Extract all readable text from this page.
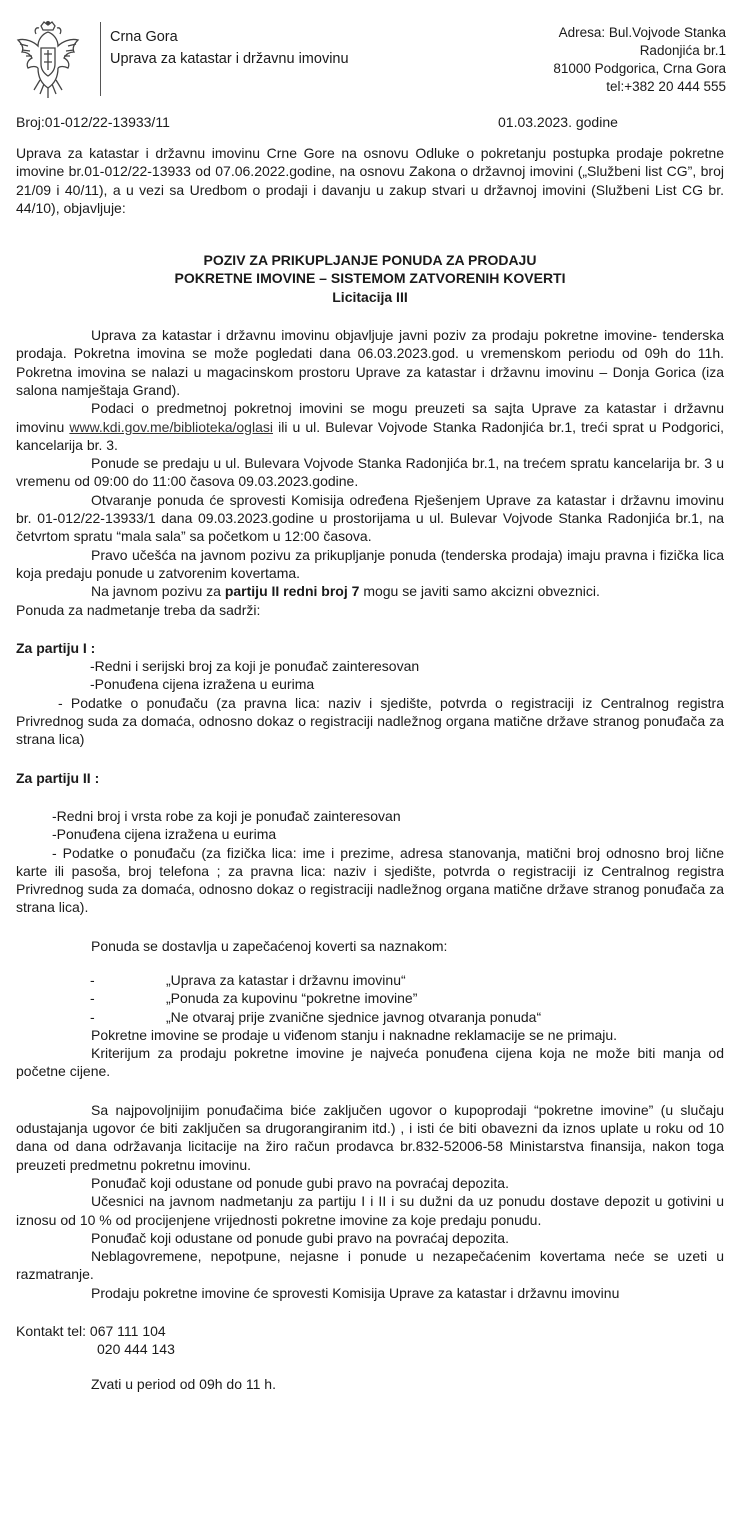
Crna Gora
Uprava za katastar i državnu imovinu
Adresa: Bul.Vojvode Stanka
Radonjića br.1
81000 Podgorica, Crna Gora
tel:+382 20 444 555
Broj:01-012/22-13933/11	01.03.2023. godine

Uprava za katastar i državnu imovinu Crne Gore na osnovu Odluke o pokretanju postupka prodaje pokretne imovine br.01-012/22-13933 od 07.06.2022.godine, na osnovu Zakona o državnoj imovini („Službeni list CG”, broj 21/09 i 40/11), a u vezi sa Uredbom o prodaji i davanju u zakup stvari u državnoj imovini (Službeni List CG br. 44/10), objavljuje:

POZIV ZA PRIKUPLJANJE PONUDA ZA PRODAJU

POKRETNE IMOVINE – SISTEMOM ZATVORENIH KOVERTI

Licitacija III

Uprava za katastar i državnu imovinu objavljuje javni poziv za prodaju pokretne imovine- tenderska prodaja. Pokretna imovina se može pogledati dana 06.03.2023.god. u vremenskom periodu od 09h do 11h. Pokretna imovina se nalazi u magacinskom prostoru Uprave za katastar i državnu imovinu – Donja Gorica (iza salona namještaja Grand).

Podaci o predmetnoj pokretnoj imovini se mogu preuzeti sa sajta Uprave za katastar i državnu imovinu www.kdi.gov.me/biblioteka/oglasi ili u ul. Bulevar Vojvode Stanka Radonjića br.1, treći sprat u Podgorici, kancelarija br. 3.

Ponude se predaju u ul. Bulevara Vojvode Stanka Radonjića br.1, na trećem spratu kancelarija br. 3 u vremenu od 09:00 do 11:00 časova 09.03.2023.godine.

Otvaranje ponuda će sprovesti Komisija određena Rješenjem Uprave za katastar i državnu imovinu br. 01-012/22-13933/1 dana 09.03.2023.godine u prostorijama u ul. Bulevar Vojvode Stanka Radonjića br.1, na četvrtom spratu “mala sala” sa početkom u 12:00 časova.

Pravo učešća na javnom pozivu za prikupljanje ponuda (tenderska prodaja) imaju pravna i fizička lica koja predaju ponude u zatvorenim kovertama.

Na javnom pozivu za partiju II redni broj 7 mogu se javiti samo akcizni obveznici.

Ponuda za nadmetanje treba da sadrži:

Za partiju I :

-Redni i serijski broj za koji je ponuđač zainteresovan

-Ponuđena cijena izražena u eurima

- Podatke o ponuđaču (za pravna lica: naziv i sjedište, potvrda o registraciji iz Centralnog registra Privrednog suda za domaća, odnosno dokaz o registraciji nadležnog organa matične države stranog ponuđača za strana lica)

Za partiju II :

-Redni broj i vrsta robe za koji je ponuđač zainteresovan

-Ponuđena cijena izražena u eurima

- Podatke o ponuđaču (za fizička lica: ime i prezime, adresa stanovanja, matični broj odnosno broj lične karte ili pasoša, broj telefona ; za pravna lica: naziv i sjedište, potvrda o registraciji iz Centralnog registra Privrednog suda za domaća, odnosno dokaz o registraciji nadležnog organa matične države stranog ponuđača za strana lica).

Ponuda se dostavlja u zapečaćenoj koverti sa naznakom:

-	„Uprava za katastar i državnu imovinu“

-	„Ponuda za kupovinu “pokretne imovine”

-	„Ne otvaraj prije zvanične sjednice javnog otvaranja ponuda“

Pokretne imovine se prodaje u viđenom stanju i naknadne reklamacije se ne primaju.

Kriterijum za prodaju pokretne imovine je najveća ponuđena cijena koja ne može biti manja od početne cijene.

Sa najpovoljnijim ponuđačima biće zaključen ugovor o kupoprodaji “pokretne imovine” (u slučaju odustajanja ugovor će biti zaključen sa drugorangiranim itd.) , i isti će biti obavezni da iznos uplate u roku od 10 dana od dana održavanja licitacije na žiro račun prodavca br.832-52006-58 Ministarstva finansija, nakon toga preuzeti predmetnu pokretnu imovinu.

Ponuđač koji odustane od ponude gubi pravo na povraćaj depozita.

Učesnici na javnom nadmetanju za partiju I i II i su dužni da uz ponudu dostave depozit u gotivini u iznosu od 10 % od procijenjene vrijednosti pokretne imovine za koje predaju ponudu.

Ponuđač koji odustane od ponude gubi pravo na povraćaj depozita.

Neblagovremene, nepotpune, nejasne i ponude u nezapečaćenim kovertama neće se uzeti u razmatranje.

Prodaju pokretne imovine će sprovesti Komisija Uprave za katastar i državnu imovinu

Kontakt tel: 067 111 104

020 444 143

Zvati u period od 09h do 11 h.
